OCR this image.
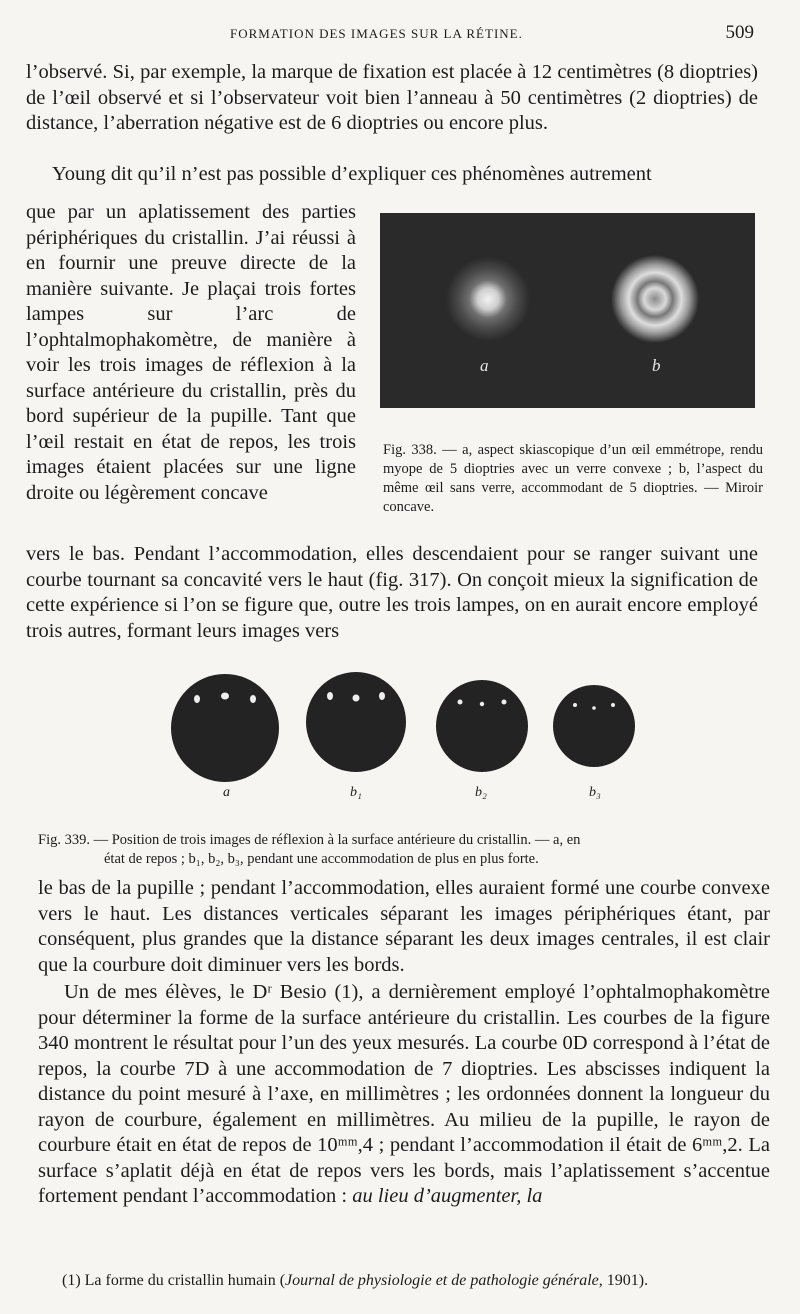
FORMATION DES IMAGES SUR LA RÉTINE.	509

l’observé. Si, par exemple, la marque de fixation est placée à 12 centimètres (8 dioptries) de l’œil observé et si l’observateur voit bien l’anneau à 50 centimètres (2 dioptries) de distance, l’aberration négative est de 6 dioptries ou encore plus.

Young dit qu’il n’est pas possible d’expliquer ces phénomènes autrement

que par un aplatissement des parties périphériques du cristallin. J’ai réussi à en fournir une preuve directe de la manière suivante. Je plaçai trois fortes lampes sur l’arc de l’ophtalmophakomètre, de manière à voir les trois images de réflexion à la surface antérieure du cristallin, près du bord supérieur de la pupille. Tant que l’œil restait en état de repos, les trois images étaient placées sur une ligne droite ou légèrement concave

a	b

Fig. 338. — a, aspect skiascopique d’un œil emmétrope, rendu myope de 5 dioptries avec un verre convexe ; b, l’aspect du même œil sans verre, accommodant de 5 dioptries. — Miroir concave.

vers le bas. Pendant l’accommodation, elles descendaient pour se ranger suivant une courbe tournant sa concavité vers le haut (fig. 317). On conçoit mieux la signification de cette expérience si l’on se figure que, outre les trois lampes, on en aurait encore employé trois autres, formant leurs images vers

a	b₁	b₂	b₃

Fig. 339. — Position de trois images de réflexion à la surface antérieure du cristallin. — a, en
état de repos ; b₁, b₂, b₃, pendant une accommodation de plus en plus forte.

le bas de la pupille ; pendant l’accommodation, elles auraient formé une courbe convexe vers le haut. Les distances verticales séparant les images périphériques étant, par conséquent, plus grandes que la distance séparant les deux images centrales, il est clair que la courbure doit diminuer vers les bords.

Un de mes élèves, le Dʳ Besio (1), a dernièrement employé l’ophtalmophakomètre pour déterminer la forme de la surface antérieure du cristallin. Les courbes de la figure 340 montrent le résultat pour l’un des yeux mesurés. La courbe 0D correspond à l’état de repos, la courbe 7D à une accommodation de 7 dioptries. Les abscisses indiquent la distance du point mesuré à l’axe, en millimètres ; les ordonnées donnent la longueur du rayon de courbure, également en millimètres. Au milieu de la pupille, le rayon de courbure était en état de repos de 10ᵐᵐ,4 ; pendant l’accommodation il était de 6ᵐᵐ,2. La surface s’aplatit déjà en état de repos vers les bords, mais l’aplatissement s’accentue fortement pendant l’accommodation : au lieu d’augmenter, la

(1) La forme du cristallin humain (Journal de physiologie et de pathologie générale, 1901).
